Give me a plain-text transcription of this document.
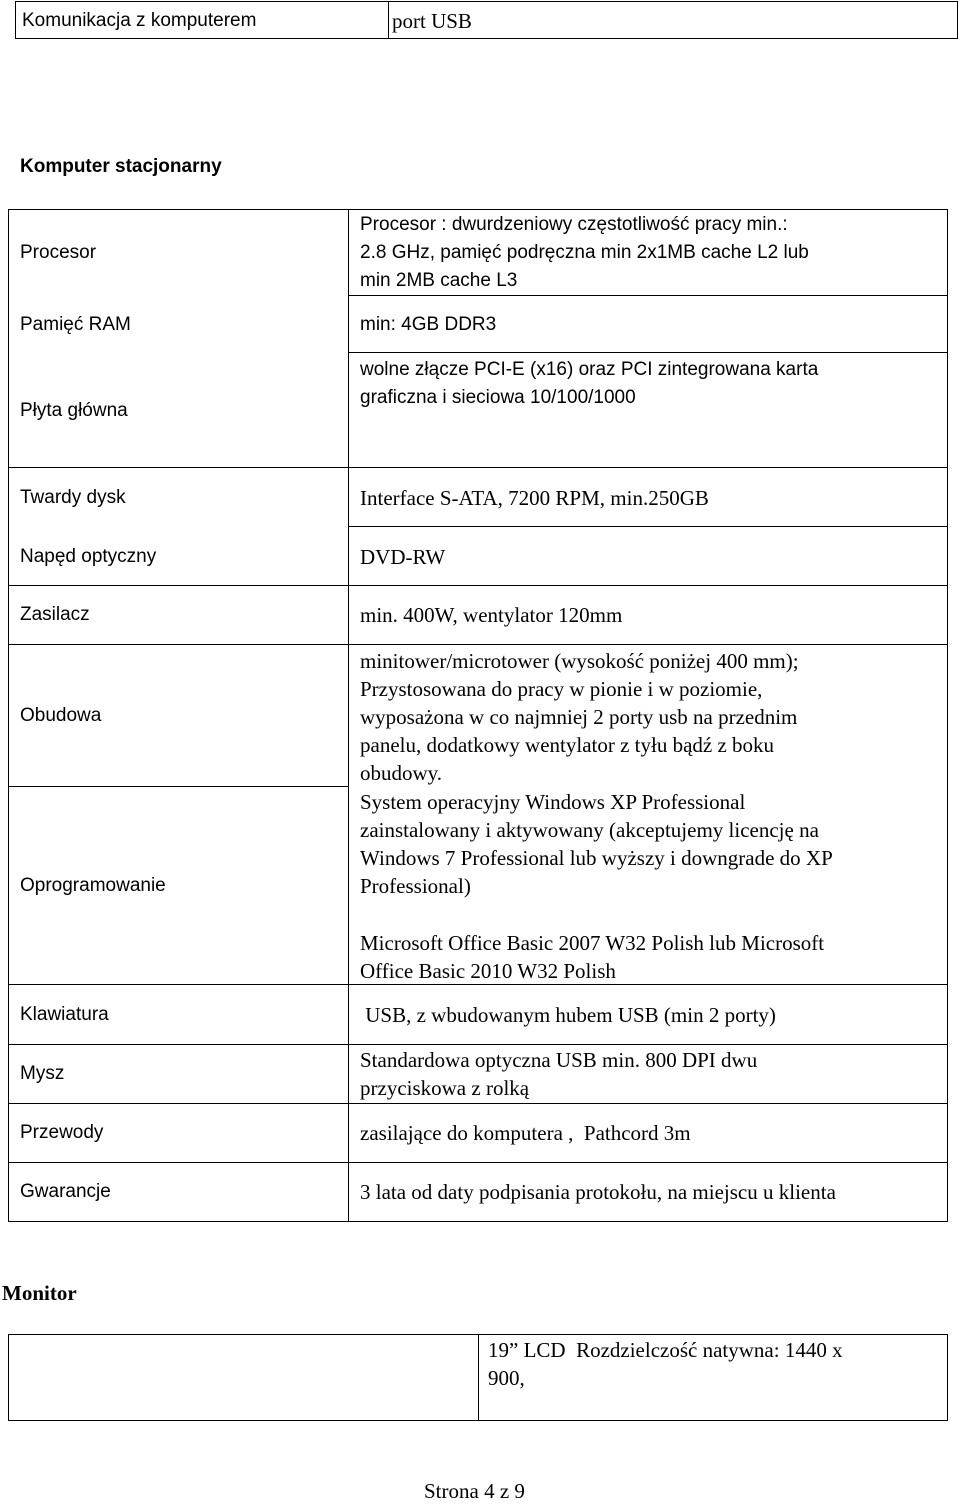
Komunikacja z komputerem	port USB
Komputer stacjonarny
Procesor
Pamięć RAM
Płyta główna
Twardy dysk
Napęd optyczny
Zasilacz
Obudowa
Oprogramowanie
Klawiatura
Mysz
Przewody
Gwarancje
Procesor : dwurdzeniowy częstotliwość pracy min.:
2.8 GHz, pamięć podręczna min 2x1MB cache L2 lub
min 2MB cache L3
min: 4GB DDR3
wolne złącze PCI-E (x16) oraz PCI zintegrowana karta
graficzna i sieciowa 10/100/1000
Interface S-ATA, 7200 RPM, min.250GB
DVD-RW
min. 400W, wentylator 120mm
minitower/microtower (wysokość poniżej 400 mm);
Przystosowana do pracy w pionie i w poziomie,
wyposażona w co najmniej 2 porty usb na przednim
panelu, dodatkowy wentylator z tyłu bądź z boku
obudowy.
System operacyjny Windows XP Professional
zainstalowany i aktywowany (akceptujemy licencję na
Windows 7 Professional lub wyższy i downgrade do XP
Professional)
Microsoft Office Basic 2007 W32 Polish lub Microsoft
Office Basic 2010 W32 Polish
USB, z wbudowanym hubem USB (min 2 porty)
Standardowa optyczna USB min. 800 DPI dwu
przyciskowa z rolką
zasilające do komputera ,  Pathcord 3m
3 lata od daty podpisania protokołu, na miejscu u klienta
Monitor
19” LCD  Rozdzielczość natywna: 1440 x
900,
Strona 4 z 9
